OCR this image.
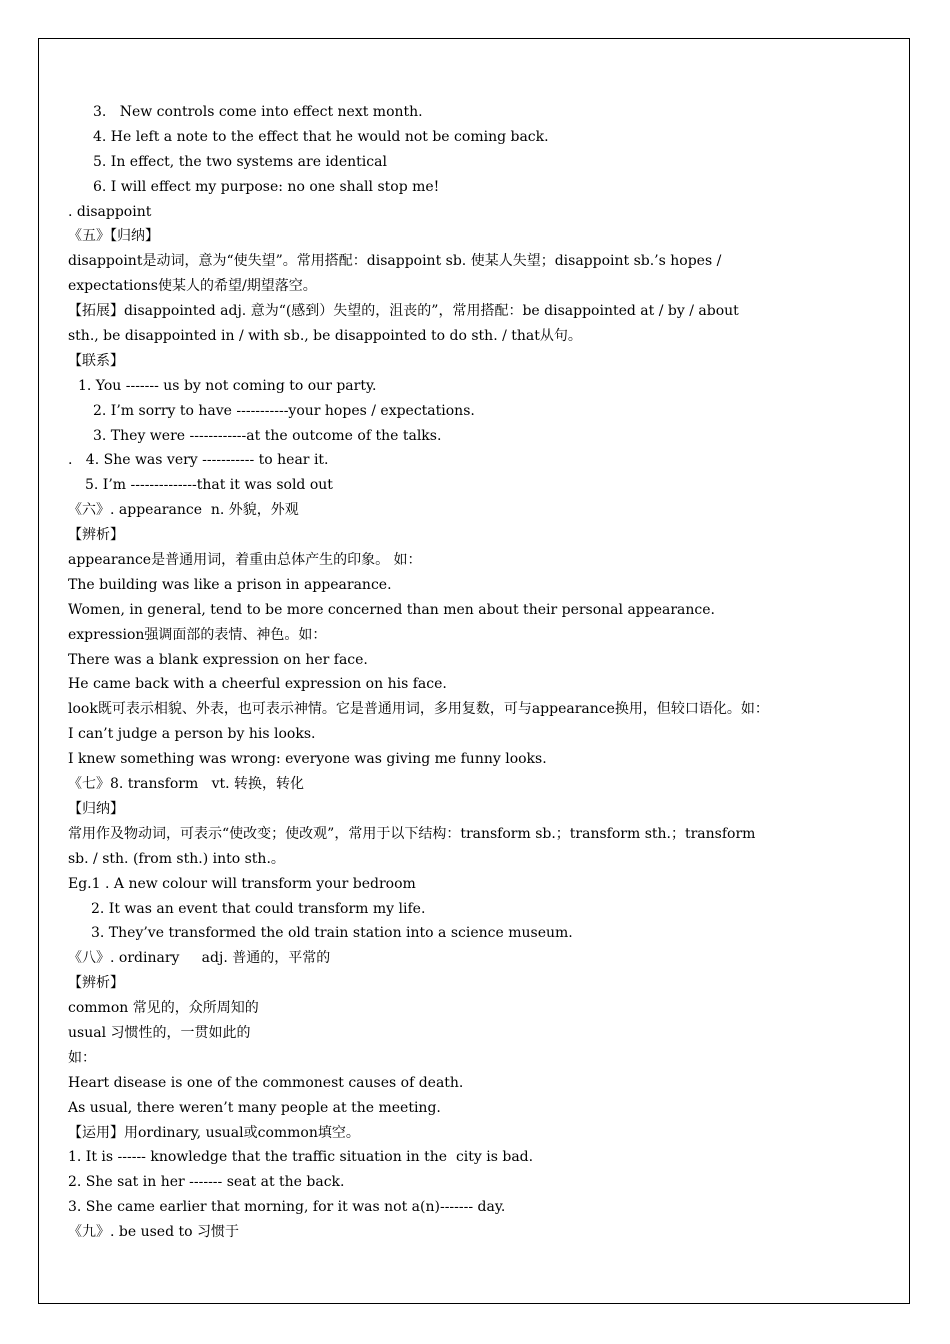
3.   New controls come into effect next month.
4. He left a note to the effect that he would not be coming back.
5. In effect, the two systems are identical
6. I will effect my purpose: no one shall stop me!
. disappoint
《五》【归纳】
disappoint是动词，意为“使失望”。常用搭配：disappoint sb. 使某人失望；disappoint sb.’s hopes /
expectations使某人的希望/期望落空。
【拓展】disappointed adj. 意为“(感到）失望的，沮丧的”，常用搭配：be disappointed at / by / about
sth., be disappointed in / with sb., be disappointed to do sth. / that从句。
【联系】
1. You ------- us by not coming to our party.
2. I’m sorry to have -----------your hopes / expectations.
3. They were ------------at the outcome of the talks.
.   4. She was very ----------- to hear it.
5. I’m --------------that it was sold out
《六》. appearance  n. 外貌，外观
【辨析】
appearance是普通用词，着重由总体产生的印象。 如：
The building was like a prison in appearance.
Women, in general, tend to be more concerned than men about their personal appearance.
expression强调面部的表情、神色。如：
There was a blank expression on her face.
He came back with a cheerful expression on his face.
look既可表示相貌、外表，也可表示神情。它是普通用词，多用复数，可与appearance换用，但较口语化。如：
I can’t judge a person by his looks.
I knew something was wrong: everyone was giving me funny looks.
《七》8. transform   vt. 转换，转化
【归纳】
常用作及物动词，可表示“使改变；使改观”，常用于以下结构：transform sb.；transform sth.；transform
sb. / sth. (from sth.) into sth.。
Eg.1 . A new colour will transform your bedroom
2. It was an event that could transform my life.
3. They’ve transformed the old train station into a science museum.
《八》. ordinary     adj. 普通的，平常的
【辨析】
common 常见的，众所周知的
usual 习惯性的，一贯如此的
如：
Heart disease is one of the commonest causes of death.
As usual, there weren’t many people at the meeting.
【运用】用ordinary, usual或common填空。
1. It is ------ knowledge that the traffic situation in the  city is bad.
2. She sat in her ------- seat at the back.
3. She came earlier that morning, for it was not a(n)------- day.
《九》. be used to 习惯于
